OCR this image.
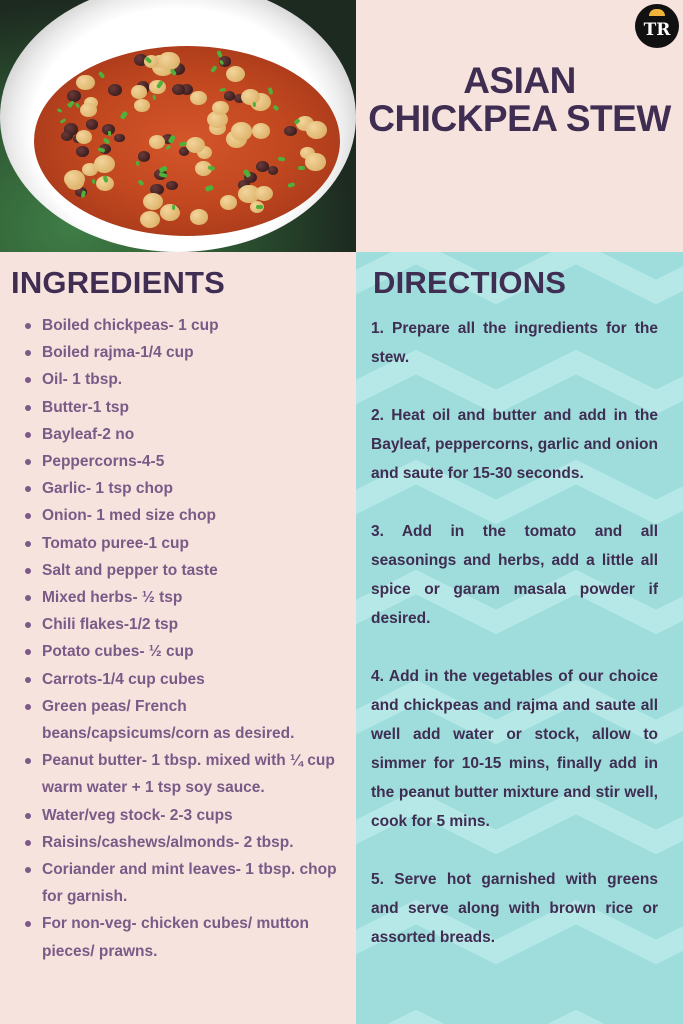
TR
ASIAN
CHICKPEA STEW
INGREDIENTS
Boiled chickpeas- 1 cup
Boiled rajma-1/4 cup
Oil- 1 tbsp.
Butter-1 tsp
Bayleaf-2 no
Peppercorns-4-5
Garlic- 1 tsp chop
Onion- 1 med size chop
Tomato puree-1 cup
Salt and pepper to taste
Mixed herbs- ½ tsp
Chili flakes-1/2 tsp
Potato cubes- ½ cup
Carrots-1/4 cup cubes
Green peas/ French beans/capsicums/corn as desired.
Peanut butter- 1 tbsp. mixed with ¼ cup warm water + 1 tsp soy sauce.
Water/veg stock- 2-3 cups
Raisins/cashews/almonds- 2 tbsp.
Coriander and mint leaves- 1 tbsp. chop for garnish.
For non-veg- chicken cubes/ mutton pieces/ prawns.
DIRECTIONS

1. Prepare all the ingredients for the stew.

2. Heat oil and butter and add in the Bayleaf, peppercorns, garlic and onion and saute for 15-30 seconds.

3. Add in the tomato and all seasonings and herbs, add a little all spice or garam masala powder if desired.

4. Add in the vegetables of our choice and chickpeas and rajma and saute all well add water or stock, allow to simmer for 10-15 mins, finally add in the peanut butter mixture and stir well, cook for 5 mins.

5. Serve hot garnished with greens and serve along with brown rice or assorted breads.
